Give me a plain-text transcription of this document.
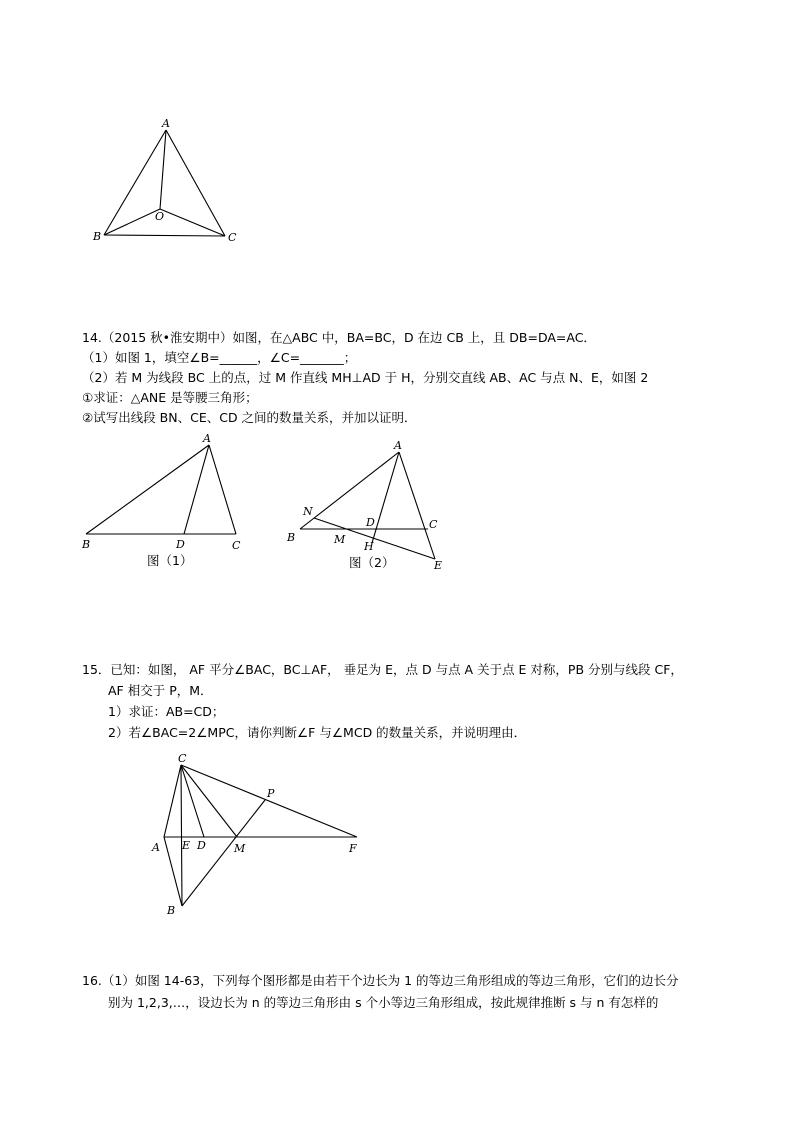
A
B	C
O
14.（2015 秋•淮安期中）如图，在△ABC 中，BA=BC，D 在边 CB 上，且 DB=DA=AC．
（1）如图 1，填空∠B=______，∠C=_______；
（2）若 M 为线段 BC 上的点，过 M 作直线 MH⊥AD 于 H，分别交直线 AB、AC 与点 N、E，如图 2
①求证：△ANE 是等腰三角形；
②试写出线段 BN、CE、CD 之间的数量关系，并加以证明．
A
B	D	C
图（1）
A
N
D	C
B	M
H
E
图（2）
15．已知：如图， AF 平分∠BAC，BC⊥AF， 垂足为 E，点 D 与点 A 关于点 E 对称，PB 分别与线段 CF，
AF 相交于 P，M．
1）求证：AB=CD；
2）若∠BAC=2∠MPC，请你判断∠F 与∠MCD 的数量关系，并说明理由．
C
P
A E D	M	F
B
16.（1）如图 14-63，下列每个图形都是由若干个边长为 1 的等边三角形组成的等边三角形，它们的边长分
别为 1,2,3,…，设边长为 n 的等边三角形由 s 个小等边三角形组成，按此规律推断 s 与 n 有怎样的
